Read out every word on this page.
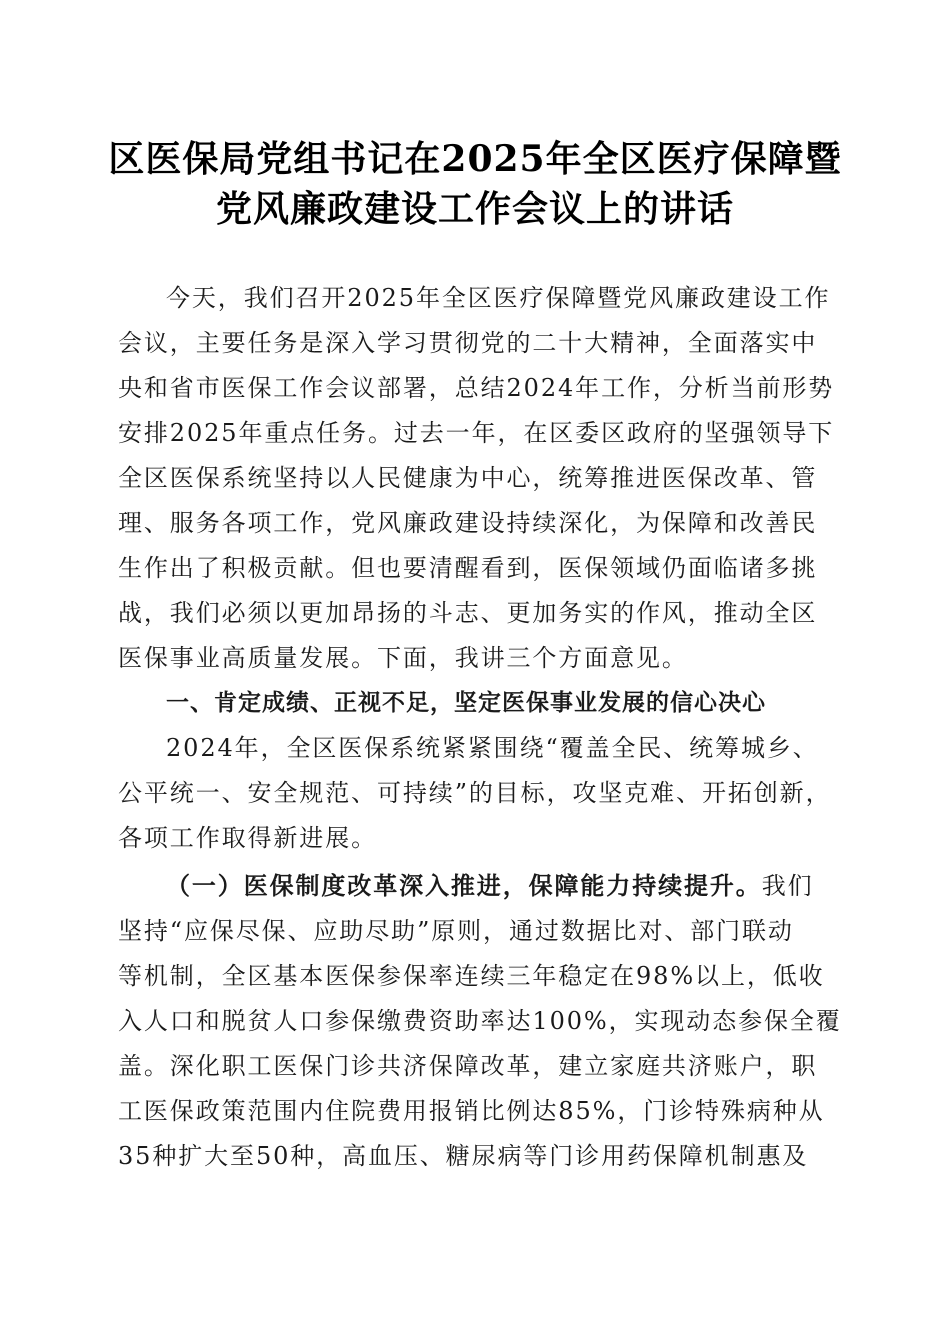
区医保局党组书记在2025年全区医疗保障暨
党风廉政建设工作会议上的讲话

今天，我们召开2025年全区医疗保障暨党风廉政建设工作
会议，主要任务是深入学习贯彻党的二十大精神，全面落实中
央和省市医保工作会议部署，总结2024年工作，分析当前形势
安排2025年重点任务。过去一年，在区委区政府的坚强领导下
全区医保系统坚持以人民健康为中心，统筹推进医保改革、管
理、服务各项工作，党风廉政建设持续深化，为保障和改善民
生作出了积极贡献。但也要清醒看到，医保领域仍面临诸多挑
战，我们必须以更加昂扬的斗志、更加务实的作风，推动全区
医保事业高质量发展。下面，我讲三个方面意见。

一、肯定成绩、正视不足，坚定医保事业发展的信心决心

2024年，全区医保系统紧紧围绕“覆盖全民、统筹城乡、
公平统一、安全规范、可持续”的目标，攻坚克难、开拓创新，
各项工作取得新进展。

（一）医保制度改革深入推进，保障能力持续提升。我们
坚持“应保尽保、应助尽助”原则，通过数据比对、部门联动
等机制，全区基本医保参保率连续三年稳定在98%以上，低收
入人口和脱贫人口参保缴费资助率达100%，实现动态参保全覆
盖。深化职工医保门诊共济保障改革，建立家庭共济账户，职
工医保政策范围内住院费用报销比例达85%，门诊特殊病种从
35种扩大至50种，高血压、糖尿病等门诊用药保障机制惠及
